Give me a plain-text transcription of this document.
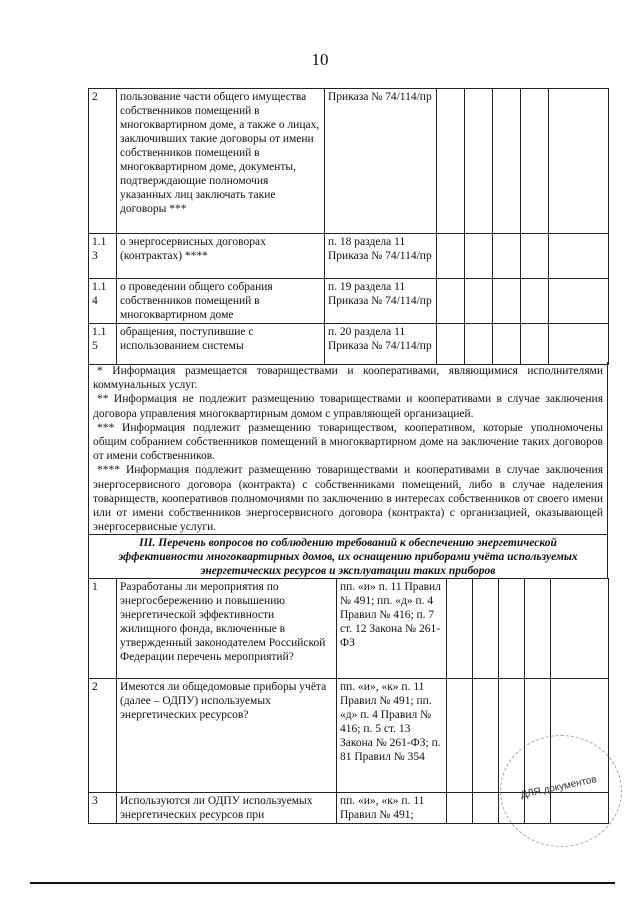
10
2	пользование части общего имущества собственников помещений в многоквартирном доме, а также о лицах, заключивших такие договоры от имени собственников помещений в многоквартирном доме, документы, подтверждающие полномочия указанных лиц заключать такие договоры ***	Приказа № 74/114/пр					
1.1 3	о энергосервисных договорах (контрактах) ****	п. 18 раздела 11 Приказа № 74/114/пр					
1.1 4	о проведении общего собрания собственников помещений в многоквартирном доме	п. 19 раздела 11 Приказа № 74/114/пр					
1.1 5	обращения, поступившие с использованием системы	п. 20 раздела 11 Приказа № 74/114/пр					

* Информация размещается товариществами и кооперативами, являющимися исполнителями коммунальных услуг.

** Информация не подлежит размещению товариществами и кооперативами в случае заключения договора управления многоквартирным домом с управляющей организацией.

*** Информация подлежит размещению товариществом, кооперативом, которые уполномочены общим собранием собственников помещений в многоквартирном доме на заключение таких договоров от имени собственников.

**** Информация подлежит размещению товариществами и кооперативами в случае заключения энергосервисного договора (контракта) с собственниками помещений, либо в случае наделения товариществ, кооперативов полномочиями по заключению в интересах собственников от своего имени или от имени собственников энергосервисного договора (контракта) с организацией, оказывающей энергосервисные услуги.

III. Перечень вопросов по соблюдению требований к обеспечению энергетической эффективности многоквартирных домов, их оснащению приборами учёта используемых энергетических ресурсов и эксплуатации таких приборов
1	Разработаны ли мероприятия по энергосбережению и повышению энергетической эффективности жилищного фонда, включенные в утвержденный законодателем Российской Федерации перечень мероприятий?	пп. «и» п. 11 Правил № 491; пп. «д» п. 4 Правил № 416; п. 7 ст. 12 Закона № 261-ФЗ					
2	Имеются ли общедомовые приборы учёта (далее – ОДПУ) используемых энергетических ресурсов?	пп. «и», «к» п. 11 Правил № 491; пп. «д» п. 4 Правил № 416; п. 5 ст. 13 Закона № 261-ФЗ; п. 81 Правил № 354					
3	Используются ли ОДПУ используемых энергетических ресурсов при	пп. «и», «к» п. 11 Правил № 491;					
ДЛЯ документов
